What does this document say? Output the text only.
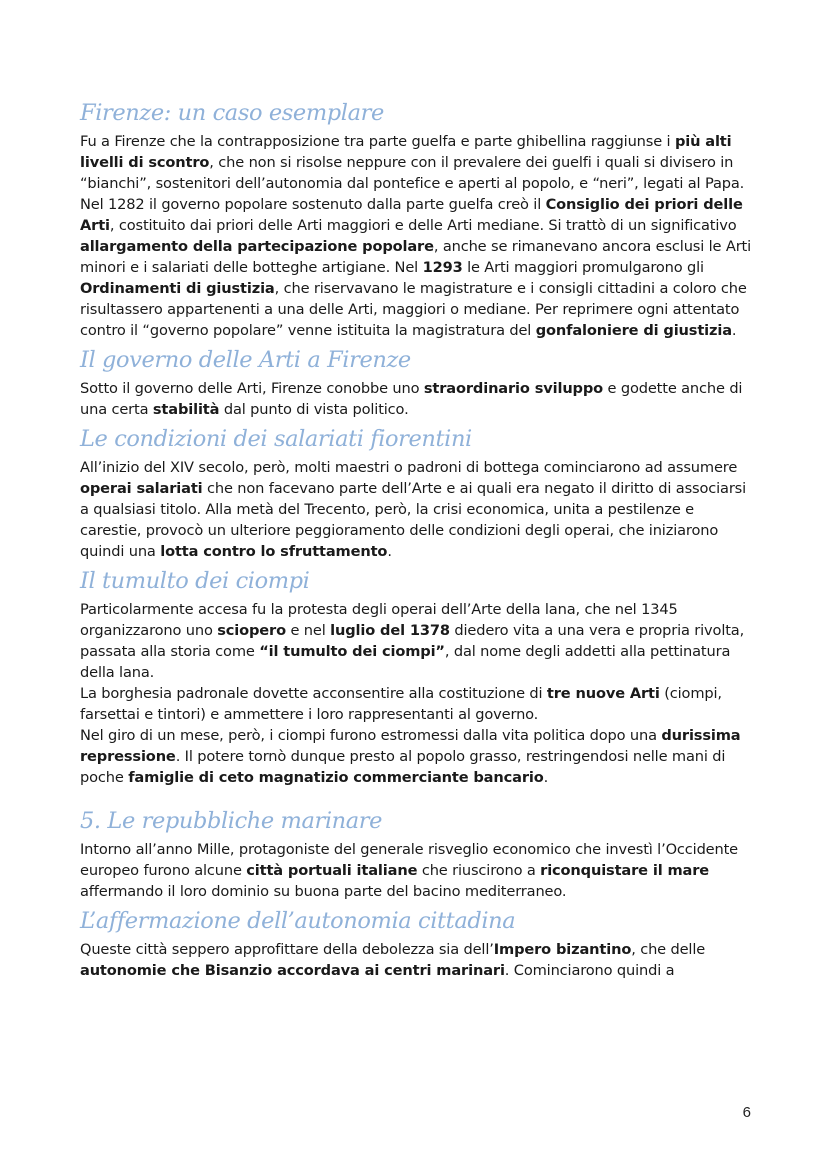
Firenze: un caso esemplare

Fu a Firenze che la contrapposizione tra parte guelfa e parte ghibellina raggiunse i più alti livelli di scontro, che non si risolse neppure con il prevalere dei guelfi i quali si divisero in “bianchi”, sostenitori dell’autonomia dal pontefice e aperti al popolo, e “neri”, legati al Papa.

Nel 1282 il governo popolare sostenuto dalla parte guelfa creò il Consiglio dei priori delle Arti, costituito dai priori delle Arti maggiori e delle Arti mediane. Si trattò di un significativo allargamento della partecipazione popolare, anche se rimanevano ancora esclusi le Arti minori e i salariati delle botteghe artigiane. Nel 1293 le Arti maggiori promulgarono gli Ordinamenti di giustizia, che riservavano le magistrature e i consigli cittadini a coloro che risultassero appartenenti a una delle Arti, maggiori o mediane. Per reprimere ogni attentato contro il “governo popolare” venne istituita la magistratura del gonfaloniere di giustizia.

Il governo delle Arti a Firenze

Sotto il governo delle Arti, Firenze conobbe uno straordinario sviluppo e godette anche di una certa stabilità dal punto di vista politico.

Le condizioni dei salariati fiorentini

All’inizio del XIV secolo, però, molti maestri o padroni di bottega cominciarono ad assumere operai salariati che non facevano parte dell’Arte e ai quali era negato il diritto di associarsi a qualsiasi titolo. Alla metà del Trecento, però, la crisi economica, unita a pestilenze e carestie, provocò un ulteriore peggioramento delle condizioni degli operai, che iniziarono quindi una lotta contro lo sfruttamento.

Il tumulto dei ciompi

Particolarmente accesa fu la protesta degli operai dell’Arte della lana, che nel 1345 organizzarono uno sciopero e nel luglio del 1378 diedero vita a una vera e propria rivolta, passata alla storia come “il tumulto dei ciompi”, dal nome degli addetti alla pettinatura della lana.

La borghesia padronale dovette acconsentire alla costituzione di tre nuove Arti (ciompi, farsettai e tintori) e ammettere i loro rappresentanti al governo.

Nel giro di un mese, però, i ciompi furono estromessi dalla vita politica dopo una durissima repressione. Il potere tornò dunque presto al popolo grasso, restringendosi nelle mani di poche famiglie di ceto magnatizio commerciante bancario.

5. Le repubbliche marinare

Intorno all’anno Mille, protagoniste del generale risveglio economico che investì l’Occidente europeo furono alcune città portuali italiane che riuscirono a riconquistare il mare affermando il loro dominio su buona parte del bacino mediterraneo.

L’affermazione dell’autonomia cittadina

Queste città seppero approfittare della debolezza sia dell’Impero bizantino, che delle autonomie che Bisanzio accordava ai centri marinari. Cominciarono quindi a

6
